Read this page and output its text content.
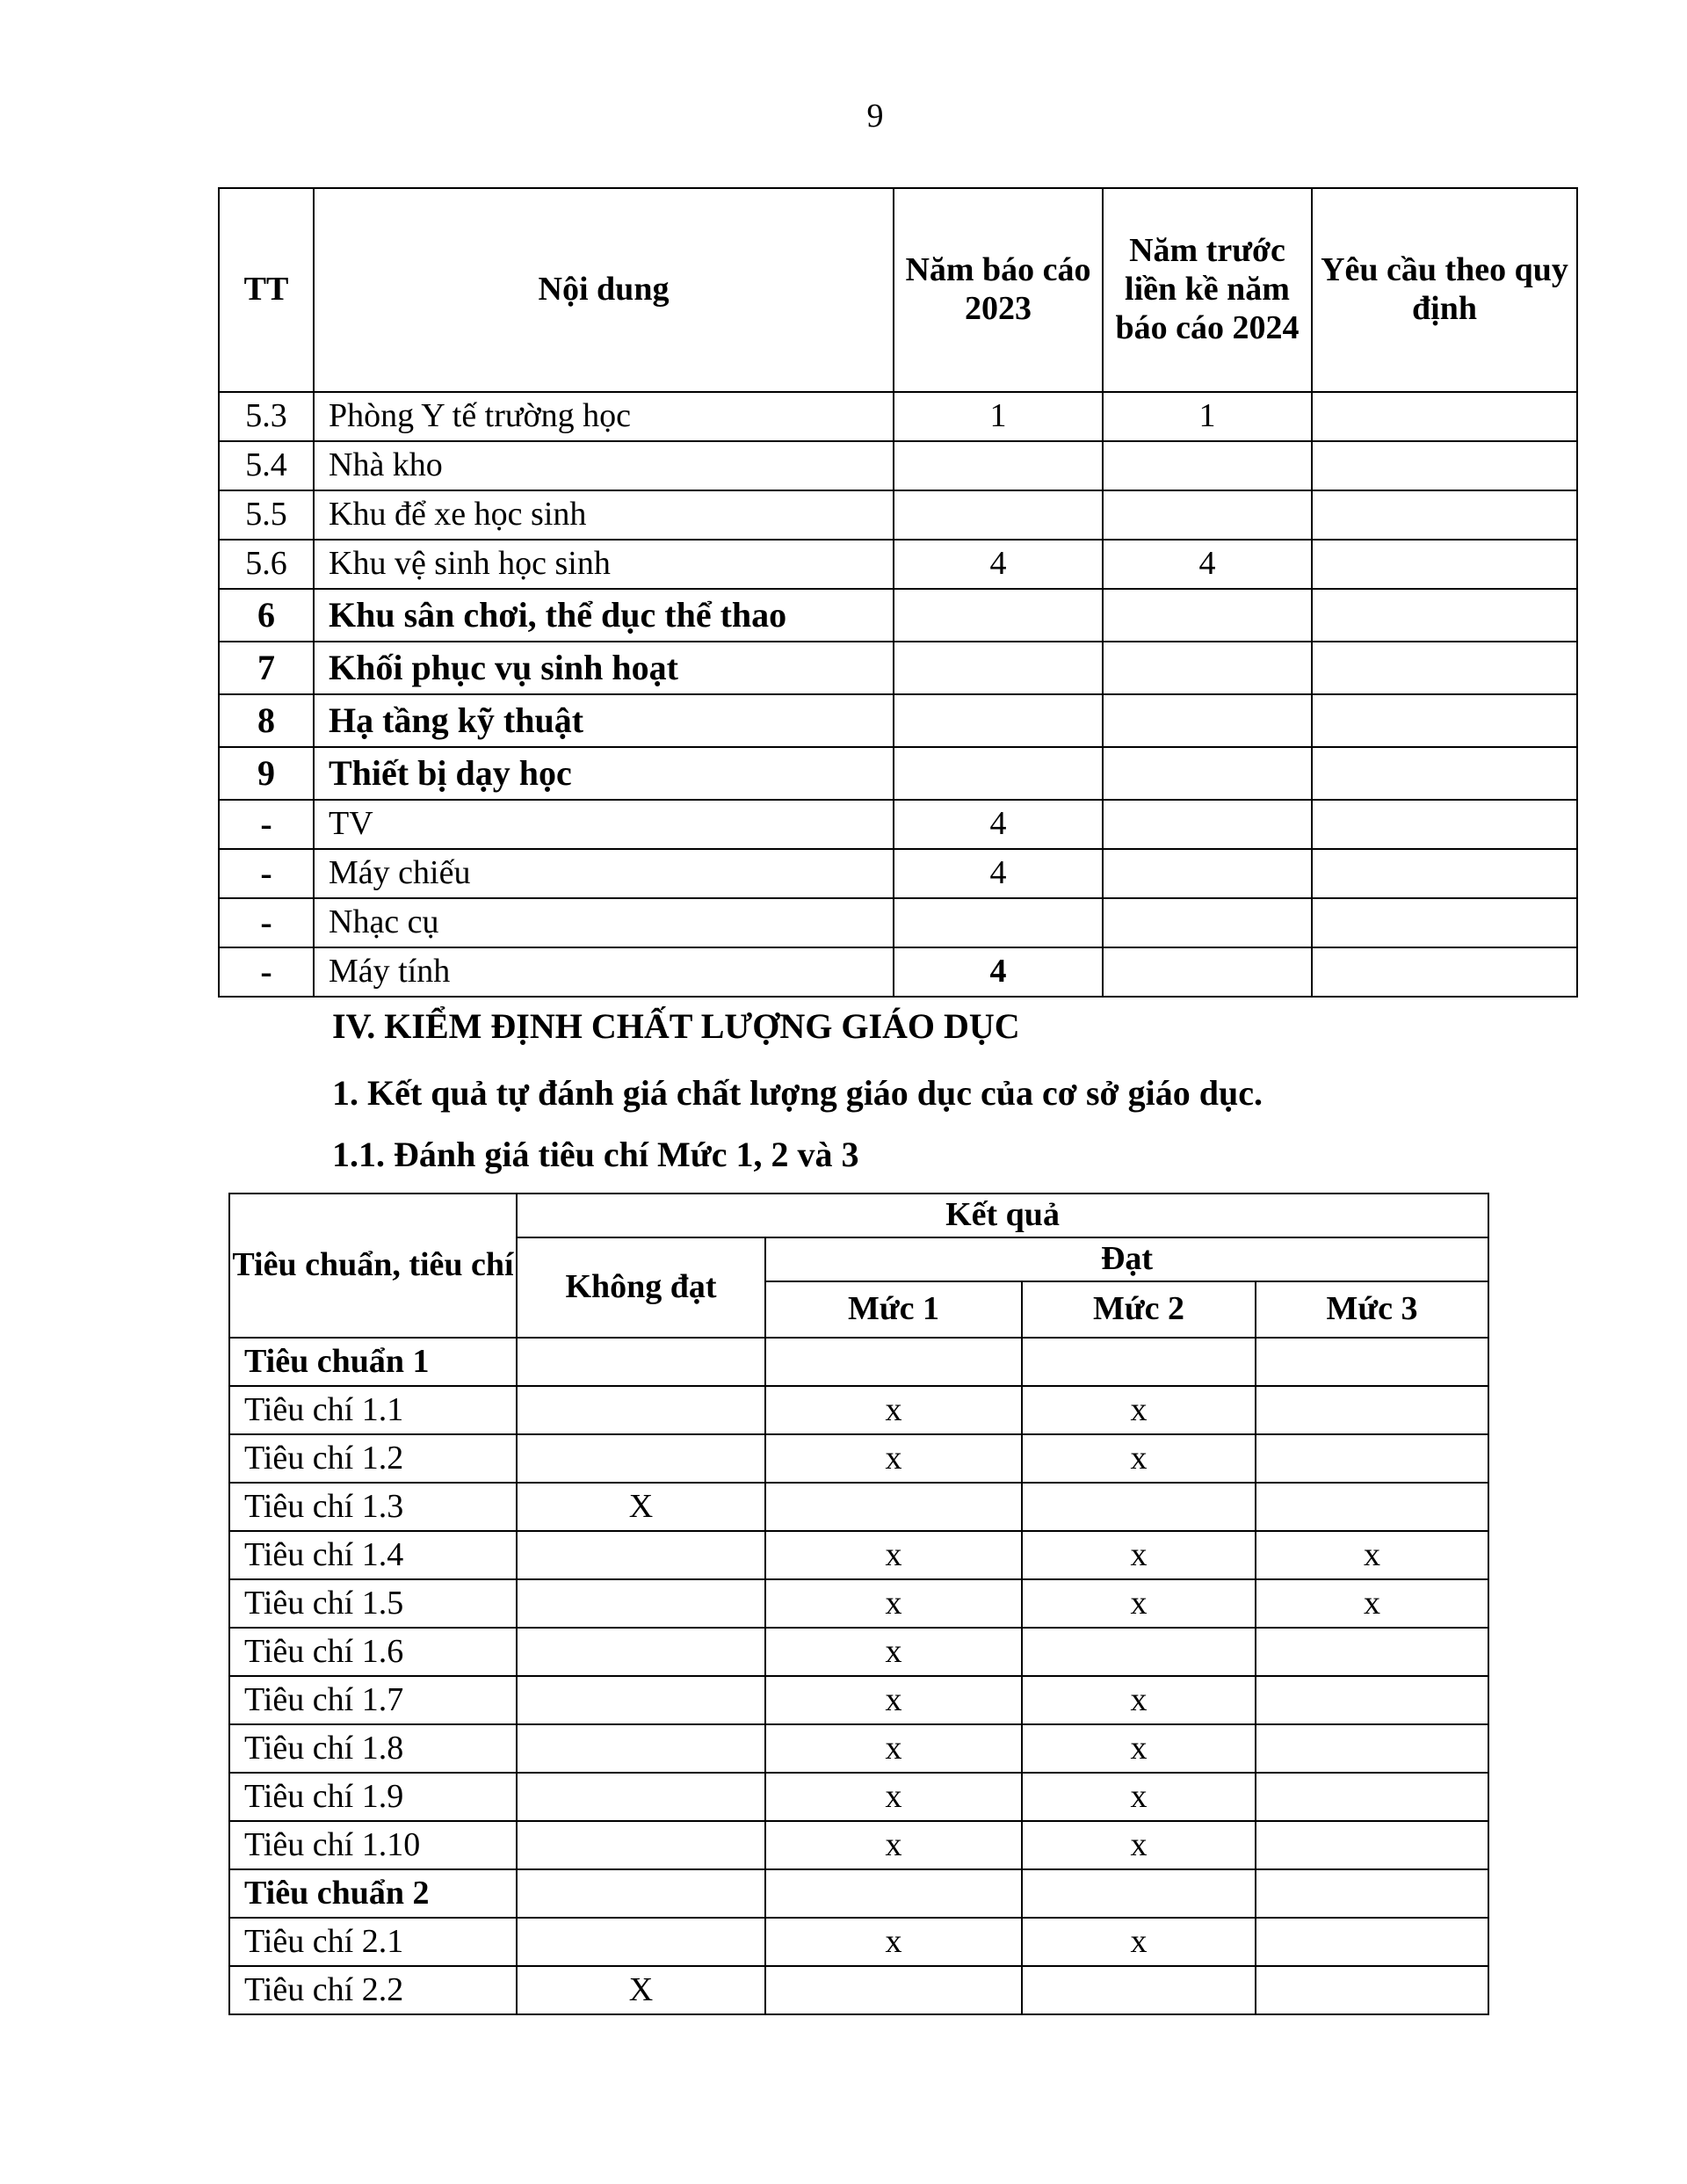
9
TT	Nội dung	Năm báo cáo 2023	Năm trước liền kề năm báo cáo 2024	Yêu cầu theo quy định
5.3	Phòng Y tế trường học	1	1	
5.4	Nhà kho			
5.5	Khu để xe học sinh			
5.6	Khu vệ sinh học sinh	4	4	
6	Khu sân chơi, thể dục thể thao			
7	Khối phục vụ sinh hoạt			
8	Hạ tầng kỹ thuật			
9	Thiết bị dạy học			
-	TV	4		
-	Máy chiếu	4		
-	Nhạc cụ			
-	Máy tính	4		
IV. KIỂM ĐỊNH CHẤT LƯỢNG GIÁO DỤC
1. Kết quả tự đánh giá chất lượng giáo dục của cơ sở giáo dục.
1.1. Đánh giá tiêu chí Mức 1, 2 và 3
Tiêu chuẩn, tiêu chí	Kết quả			
	Không đạt	Đạt		
		Mức 1	Mức 2	Mức 3
Tiêu chuẩn 1				
Tiêu chí 1.1		x	x	
Tiêu chí 1.2		x	x	
Tiêu chí 1.3	X			
Tiêu chí 1.4		x	x	x
Tiêu chí 1.5		x	x	x
Tiêu chí 1.6		x		
Tiêu chí 1.7		x	x	
Tiêu chí 1.8		x	x	
Tiêu chí 1.9		x	x	
Tiêu chí 1.10		x	x	
Tiêu chuẩn 2				
Tiêu chí 2.1		x	x	
Tiêu chí 2.2	X			
